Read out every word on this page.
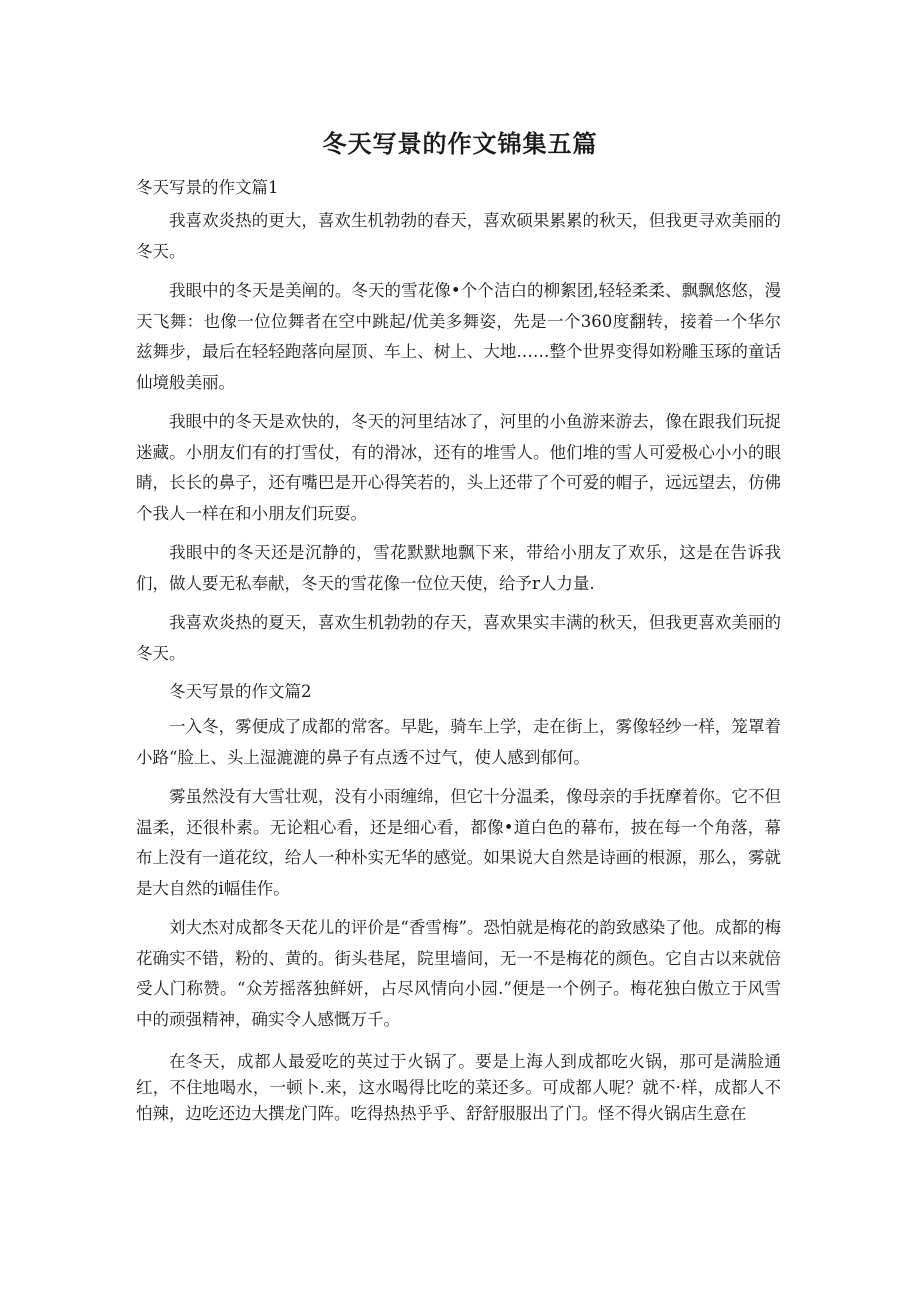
冬天写景的作文锦集五篇
冬天写景的作文篇1

我喜欢炎热的更大，喜欢生机勃勃的春天，喜欢硕果累累的秋天，但我更寻欢美丽的冬天。

我眼中的冬天是美阐的。冬天的雪花像•个个洁白的柳絮团,轻轻柔柔、飘飘悠悠，漫天飞舞：也像一位位舞者在空中跳起/优美多舞姿，先是一个360度翻转，接着一个华尔兹舞步，最后在轻轻跑落向屋顶、车上、树上、大地……整个世界变得如粉雕玉琢的童话仙境般美丽。

我眼中的冬天是欢快的，冬天的河里结冰了，河里的小鱼游来游去，像在跟我们玩捉迷藏。小朋友们有的打雪仗，有的滑冰，还有的堆雪人。他们堆的雪人可爱极心小小的眼睛，长长的鼻子，还有嘴巴是开心得笑若的，头上还带了个可爱的帽子，远远望去，仿佛个我人一样在和小朋友们玩耍。

我眼中的冬天还是沉静的，雪花默默地飘下来，带给小朋友了欢乐，这是在告诉我们，做人要无私奉献，冬天的雪花像一位位天使，给予r人力量.

我喜欢炎热的夏天，喜欢生机勃勃的存天，喜欢果实丰满的秋天，但我更喜欢美丽的冬天。

冬天写景的作文篇2

一入冬，雾便成了成都的常客。早匙，骑车上学，走在街上，雾像轻纱一样，笼罩着小路“脸上、头上湿漉漉的鼻子有点透不过气，使人感到郁何。

雾虽然没有大雪壮观，没有小雨缠绵，但它十分温柔，像母亲的手抚摩着你。它不但温柔，还很朴素。无论粗心看，还是细心看，都像•道白色的幕布，披在每一个角落，幕布上没有一道花纹，给人一种朴实无华的感觉。如果说大自然是诗画的根源，那么，雾就是大自然的i幅佳作。

刘大杰对成都冬天花儿的评价是“香雪梅”。恐怕就是梅花的韵致感染了他。成都的梅花确实不错，粉的、黄的。街头巷尾，院里墙间，无一不是梅花的颜色。它自古以来就倍受人门称赞。“众芳摇落独鲜妍，占尽风情向小园.”便是一个例子。梅花独白傲立于风雪中的顽强精神，确实令人感慨万千。

在冬天，成都人最爱吃的英过于火锅了。要是上海人到成都吃火锅，那可是满脸通红，不住地喝水，一顿卜.来，这水喝得比吃的菜还多。可成都人呢？就不·样，成都人不怕辣，边吃还边大撰龙门阵。吃得热热乎乎、舒舒服服出了门。怪不得火锅店生意在
